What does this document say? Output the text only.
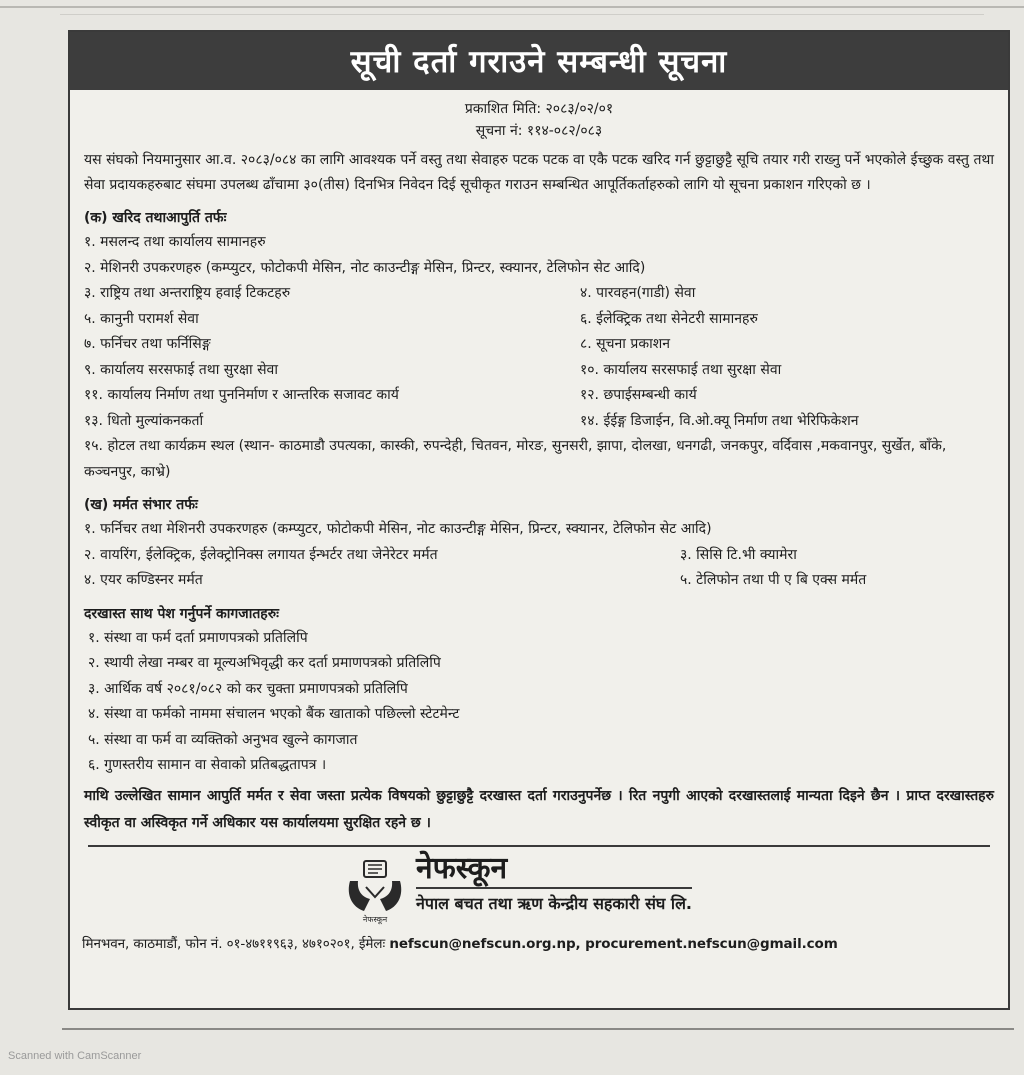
सूची दर्ता गराउने सम्बन्धी सूचना
प्रकाशित मिति: २०८३/०२/०१
सूचना नं: ११४-०८२/०८३
यस संघको नियमानुसार आ.व. २०८३/०८४ का लागि आवश्यक पर्ने वस्तु तथा सेवाहरु पटक पटक वा एकै पटक खरिद गर्न छुट्टाछुट्टै सूचि तयार गरी राख्नु पर्ने भएकोले ईच्छुक वस्तु तथा सेवा प्रदायकहरुबाट संघमा उपलब्ध ढाँचामा ३०(तीस) दिनभित्र निवेदन दिई सूचीकृत गराउन सम्बन्धित आपूर्तिकर्ताहरुको लागि यो सूचना प्रकाशन गरिएको छ ।
(क) खरिद तथाआपुर्ति तर्फः
१. मसलन्द तथा कार्यालय सामानहरु
२. मेशिनरी उपकरणहरु (कम्प्युटर, फोटोकपी मेसिन, नोट काउन्टीङ्ग मेसिन, प्रिन्टर, स्क्यानर, टेलिफोन सेट आदि)
३. राष्ट्रिय तथा अन्तराष्ट्रिय हवाई टिकटहरु	४. पारवहन(गाडी) सेवा
५. कानुनी परामर्श सेवा	६. ईलेक्ट्रिक तथा सेनेटरी सामानहरु
७. फर्निचर तथा फर्निसिङ्ग	८. सूचना प्रकाशन
९. कार्यालय सरसफाई तथा सुरक्षा सेवा	१०. कार्यालय सरसफाई तथा सुरक्षा सेवा
११. कार्यालय निर्माण तथा पुननिर्माण र आन्तरिक सजावट कार्य	१२. छपाईसम्बन्धी कार्य
१३. धितो मुल्यांकनकर्ता	१४. ईईङ्ग डिजाईन, वि.ओ.क्यू निर्माण तथा भेरिफिकेशन
१५. होटल तथा कार्यक्रम स्थल (स्थान- काठमाडौ उपत्यका, कास्की, रुपन्देही, चितवन, मोरङ, सुनसरी, झापा, दोलखा, धनगढी, जनकपुर, वर्दिवास ,मकवानपुर, सुर्खेत, बाँके, कञ्चनपुर, काभ्रे)
(ख) मर्मत संभार तर्फः
१. फर्निचर तथा मेशिनरी उपकरणहरु (कम्प्युटर, फोटोकपी मेसिन, नोट काउन्टीङ्ग मेसिन, प्रिन्टर, स्क्यानर, टेलिफोन सेट आदि)
२. वायरिंग, ईलेक्ट्रिक, ईलेक्ट्रोनिक्स लगायत ईन्भर्टर तथा जेनेरेटर मर्मत	३. सिसि टि.भी क्यामेरा
४. एयर कण्डिस्नर मर्मत	५. टेलिफोन तथा पी ए बि एक्स मर्मत
दरखास्त साथ पेश गर्नुपर्ने कागजातहरुः
१. संस्था वा फर्म दर्ता प्रमाणपत्रको प्रतिलिपि
२. स्थायी लेखा नम्बर वा मूल्यअभिवृद्धी कर दर्ता प्रमाणपत्रको प्रतिलिपि
३. आर्थिक वर्ष २०८१/०८२ को कर चुक्ता प्रमाणपत्रको प्रतिलिपि
४. संस्था वा फर्मको नाममा संचालन भएको बैंक खाताको पछिल्लो स्टेटमेन्ट
५. संस्था वा फर्म वा व्यक्तिको अनुभव खुल्ने कागजात
६. गुणस्तरीय सामान वा सेवाको प्रतिबद्धतापत्र ।
माथि उल्लेखित सामान आपुर्ति मर्मत र सेवा जस्ता प्रत्येक विषयको छुट्टाछुट्टै दरखास्त दर्ता गराउनुपर्नेछ । रित नपुगी आएको दरखास्तलाई मान्यता दिइने छैन । प्राप्त दरखास्तहरु स्वीकृत वा अस्विकृत गर्ने अधिकार यस कार्यालयमा सुरक्षित रहने छ ।
नेफस्कून
नेफस्कून
नेपाल बचत तथा ऋण केन्द्रीय सहकारी संघ लि.
मिनभवन, काठमाडौं, फोन नं. ०१-४७११९६३, ४७१०२०१, ईमेलः nefscun@nefscun.org.np, procurement.nefscun@gmail.com
Scanned with CamScanner
